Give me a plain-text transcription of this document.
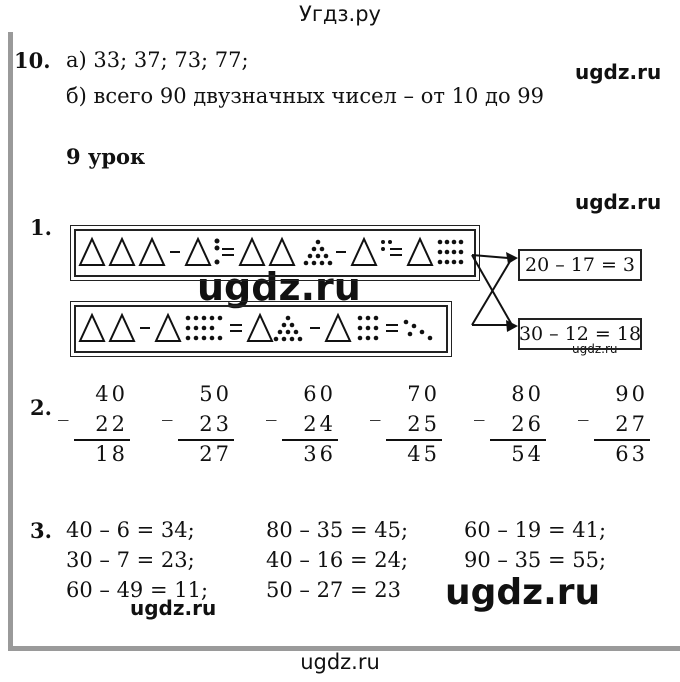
Угдз.ру
ugdz.ru
ugdz.ru
ugdz.ru
ugdz.ru
ugdz.ru
ugdz.ru
10. а) 33; 37; 73; 77;
б) всего 90 двузначных чисел – от 10 до 99
9 урок
1.
20 – 17 = 3
30 – 12 = 18
2. _
40
22
18
_
50
23
27
_
60
24
36
_
70
25
45
_
80
26
54
_
90
27
63
3. 40 – 6 = 34;
30 – 7 = 23;
60 – 49 = 11;
80 – 35 = 45;
40 – 16 = 24;
50 – 27 = 23
60 – 19 = 41;
90 – 35 = 55;
ugdz.ru
